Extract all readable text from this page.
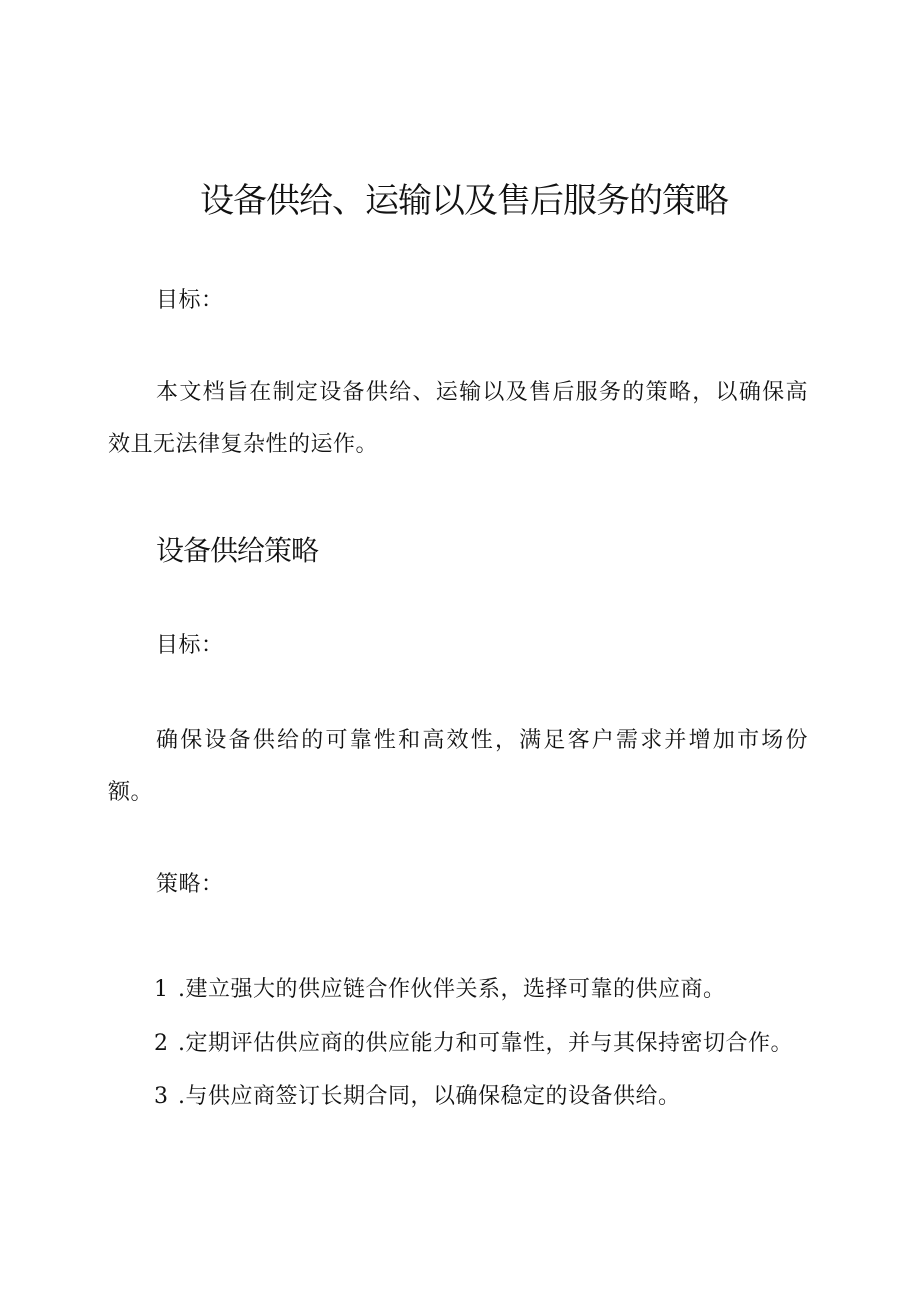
设备供给、运输以及售后服务的策略
目标：

本文档旨在制定设备供给、运输以及售后服务的策略，以确保高效且无法律复杂性的运作。

设备供给策略
目标：

确保设备供给的可靠性和高效性，满足客户需求并增加市场份额。

策略：
1 .建立强大的供应链合作伙伴关系，选择可靠的供应商。
2 .定期评估供应商的供应能力和可靠性，并与其保持密切合作。
3 .与供应商签订长期合同，以确保稳定的设备供给。
